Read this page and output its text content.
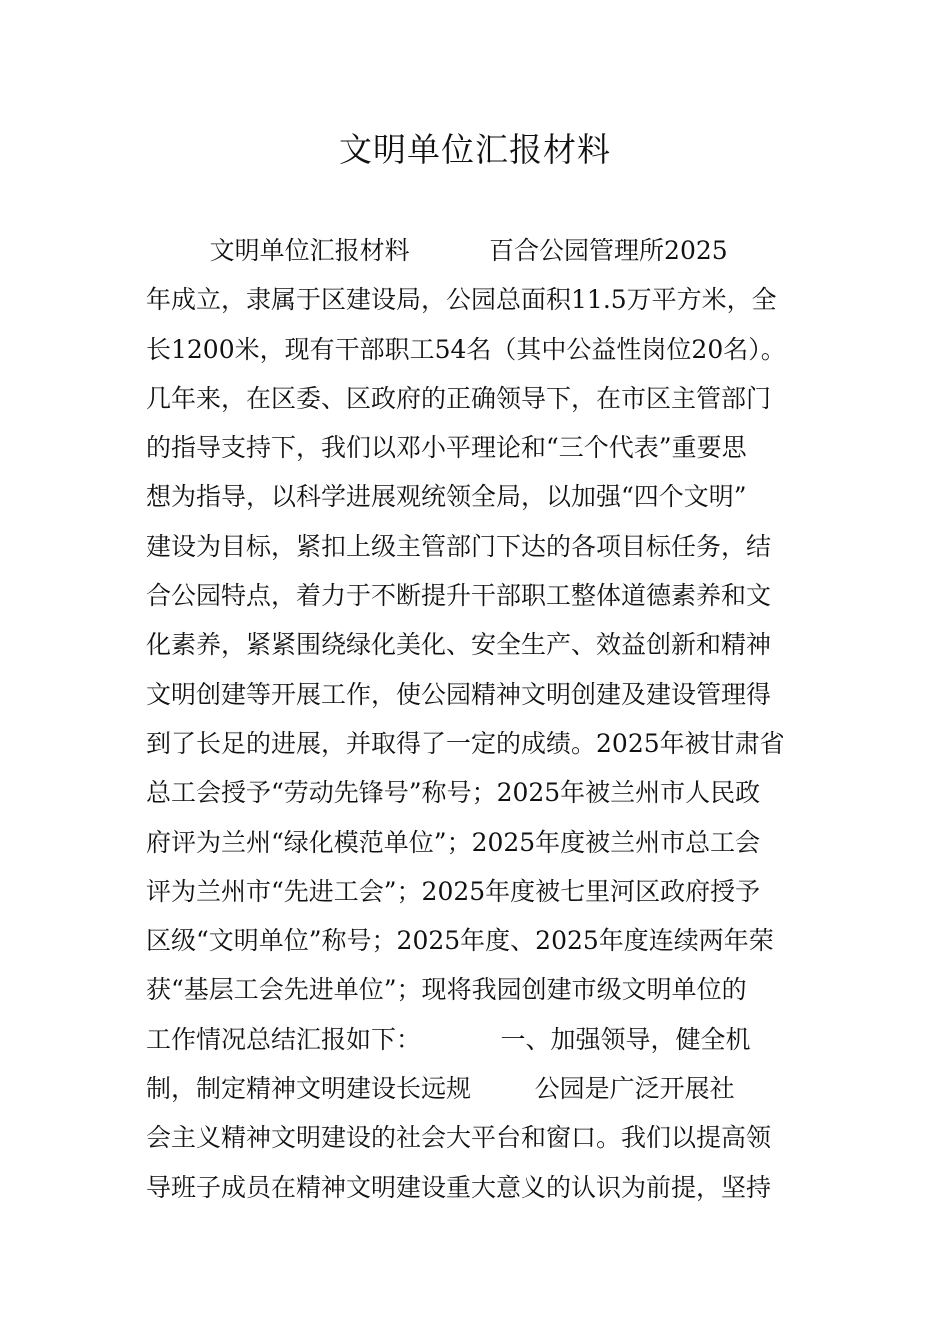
文明单位汇报材料
文明单位汇报材料          百合公园管理所2025
年成立，隶属于区建设局，公园总面积11.5万平方米，全
长1200米，现有干部职工54名（其中公益性岗位20名）。
几年来，在区委、区政府的正确领导下，在市区主管部门
的指导支持下，我们以邓小平理论和“三个代表”重要思
想为指导，以科学进展观统领全局，以加强“四个文明”
建设为目标，紧扣上级主管部门下达的各项目标任务，结
合公园特点，着力于不断提升干部职工整体道德素养和文
化素养，紧紧围绕绿化美化、安全生产、效益创新和精神
文明创建等开展工作，使公园精神文明创建及建设管理得
到了长足的进展，并取得了一定的成绩。2025年被甘肃省
总工会授予“劳动先锋号”称号；2025年被兰州市人民政
府评为兰州“绿化模范单位”；2025年度被兰州市总工会
评为兰州市“先进工会”；2025年度被七里河区政府授予
区级“文明单位”称号；2025年度、2025年度连续两年荣
获“基层工会先进单位”；现将我园创建市级文明单位的
工作情况总结汇报如下：          一、加强领导，健全机
制，制定精神文明建设长远规        公园是广泛开展社
会主义精神文明建设的社会大平台和窗口。我们以提高领
导班子成员在精神文明建设重大意义的认识为前提，坚持
